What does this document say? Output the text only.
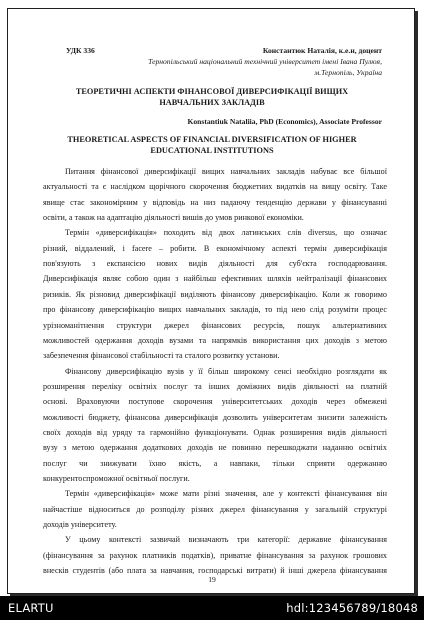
УДК 336	Константюк Наталія, к.е.н, доцент
Тернопільський національний технічний університет імені Івана Пулюя,
м.Тернопіль, Україна
ТЕОРЕТИЧНІ АСПЕКТИ ФІНАНСОВОЇ ДИВЕРСИФІКАЦІЇ ВИЩИХ
НАВЧАЛЬНИХ ЗАКЛАДІВ
Konstantiuk Nataliia, PhD (Economics), Associate Professor
THEORETICAL ASPECTS OF FINANCIAL DIVERSIFICATION OF HIGHER
EDUCATIONAL INSTITUTIONS
Питання фінансової диверсифікації вищих навчальних закладів набуває все більшої
актуальності та є наслідком щорічного скорочення бюджетних видатків на вищу освіту. Таке
явище стає закономірним у відповідь на низ падаючу тенденцію держави у фінансуванні
освіти, а також на адаптацію діяльності вишів до умов ринкової економіки.
Термін «диверсифікація» походить від двох латинських слів diversus, що означає
різний, віддалений, і facere – робити. В економічному аспекті термін диверсифікація
пов'язують з експансією нових видів діяльності для суб'єкта господарювання.
Диверсифікація являє собою один з найбільш ефективних шляхів нейтралізації фінансових
ризиків. Як різновид диверсифікації виділяють фінансову диверсифікацію. Коли ж говоримо
про фінансову диверсифікацію вищих навчальних закладів, то під нею слід розуміти процес
урізноманітнення структури джерел фінансових ресурсів, пошук альтернативних
можливостей одержання доходів вузами та напрямків використання цих доходів з метою
забезпечення фінансової стабільності та сталого розвитку установи.
Фінансову диверсифікацію вузів у її більш широкому сенсі необхідно розглядати як
розширення переліку освітніх послуг та інших доміжних видів діяльності на платній
основі. Враховуючи поступове скорочення університетських доходів через обмежені
можливості бюджету, фінансова диверсифікація дозволить університетам знизити залежність
своїх доходів від уряду та гармонійно функціонувати. Однак розширення видів діяльності
вузу з метою одержання додаткових доходів не повинно перешкоджати наданню освітніх
послуг чи знижувати їхню якість, а навпаки, тільки сприяти одержанню
конкурентоспроможної освітньої послуги.
Термін «диверсифікація» може мати різні значення, але у контексті фінансування він
найчастіше відноситься до розподілу різних джерел фінансування у загальній структурі
доходів університету.
У цьому контексті зазвичай визначають три категорії: державне фінансування
(фінансування за рахунок платників податків), приватне фінансування за рахунок грошових
внесків студентів (або плата за навчання, господарські витрати) й інші джерела фінансування
19
ELARTU	hdl:123456789/18048
